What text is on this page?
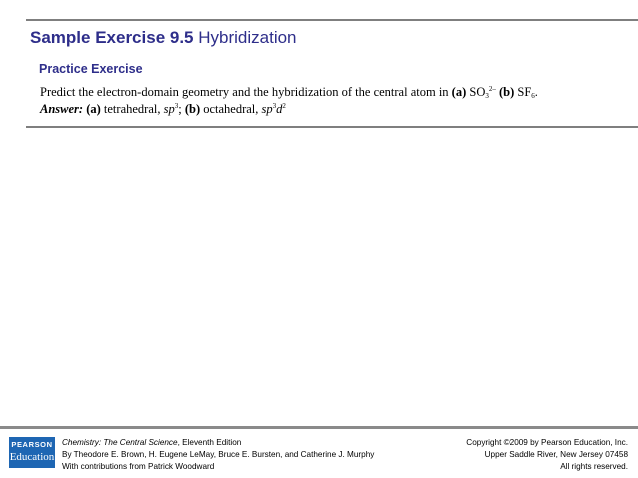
Sample Exercise 9.5 Hybridization
Practice Exercise
Predict the electron-domain geometry and the hybridization of the central atom in (a) $SO_3^{2-}$ (b) $SF_6$.
Answer: (a) tetrahedral, $sp^3$; (b) octahedral, $sp^3d^2$
PEARSON
Education
Chemistry: The Central Science, Eleventh Edition
By Theodore E. Brown, H. Eugene LeMay, Bruce E. Bursten, and Catherine J. Murphy
With contributions from Patrick Woodward
Copyright ©2009 by Pearson Education, Inc.
Upper Saddle River, New Jersey 07458
All rights reserved.
